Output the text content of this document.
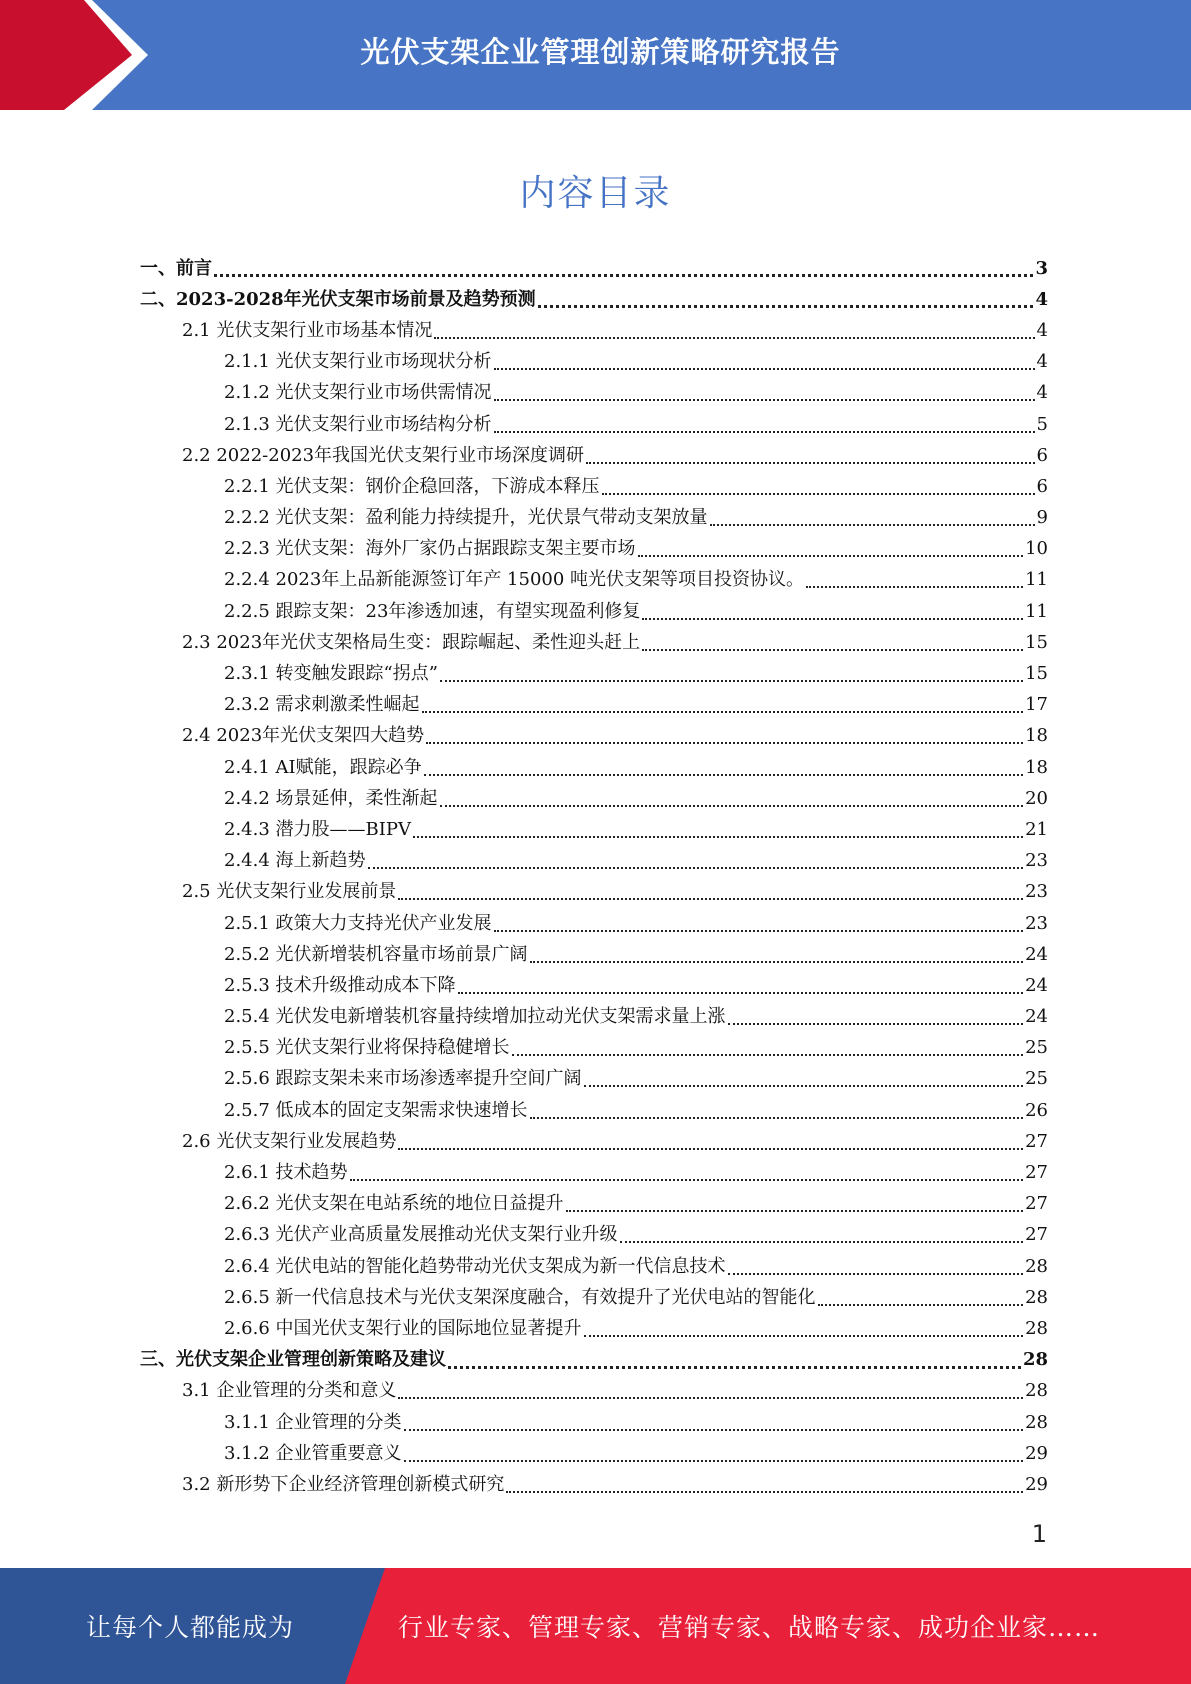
光伏支架企业管理创新策略研究报告
内容目录
一、前言	3
二、2023-2028年光伏支架市场前景及趋势预测	4
2.1 光伏支架行业市场基本情况	4
2.1.1 光伏支架行业市场现状分析	4
2.1.2 光伏支架行业市场供需情况	4
2.1.3 光伏支架行业市场结构分析	5
2.2 2022-2023年我国光伏支架行业市场深度调研	6
2.2.1 光伏支架：钢价企稳回落，下游成本释压	6
2.2.2 光伏支架：盈利能力持续提升，光伏景气带动支架放量	9
2.2.3 光伏支架：海外厂家仍占据跟踪支架主要市场	10
2.2.4 2023年上品新能源签订年产 15000 吨光伏支架等项目投资协议。	11
2.2.5 跟踪支架：23年渗透加速，有望实现盈利修复	11
2.3 2023年光伏支架格局生变：跟踪崛起、柔性迎头赶上	15
2.3.1 转变触发跟踪“拐点”	15
2.3.2 需求刺激柔性崛起	17
2.4 2023年光伏支架四大趋势	18
2.4.1 AI赋能，跟踪必争	18
2.4.2 场景延伸，柔性渐起	20
2.4.3 潜力股——BIPV	21
2.4.4 海上新趋势	23
2.5 光伏支架行业发展前景	23
2.5.1 政策大力支持光伏产业发展	23
2.5.2 光伏新增装机容量市场前景广阔	24
2.5.3 技术升级推动成本下降	24
2.5.4 光伏发电新增装机容量持续增加拉动光伏支架需求量上涨	24
2.5.5 光伏支架行业将保持稳健增长	25
2.5.6 跟踪支架未来市场渗透率提升空间广阔	25
2.5.7 低成本的固定支架需求快速增长	26
2.6 光伏支架行业发展趋势	27
2.6.1 技术趋势	27
2.6.2 光伏支架在电站系统的地位日益提升	27
2.6.3 光伏产业高质量发展推动光伏支架行业升级	27
2.6.4 光伏电站的智能化趋势带动光伏支架成为新一代信息技术	28
2.6.5 新一代信息技术与光伏支架深度融合，有效提升了光伏电站的智能化	28
2.6.6 中国光伏支架行业的国际地位显著提升	28
三、光伏支架企业管理创新策略及建议	28
3.1 企业管理的分类和意义	28
3.1.1 企业管理的分类	28
3.1.2 企业管重要意义	29
3.2 新形势下企业经济管理创新模式研究	29
1
让每个人都能成为	行业专家、管理专家、营销专家、战略专家、成功企业家……
